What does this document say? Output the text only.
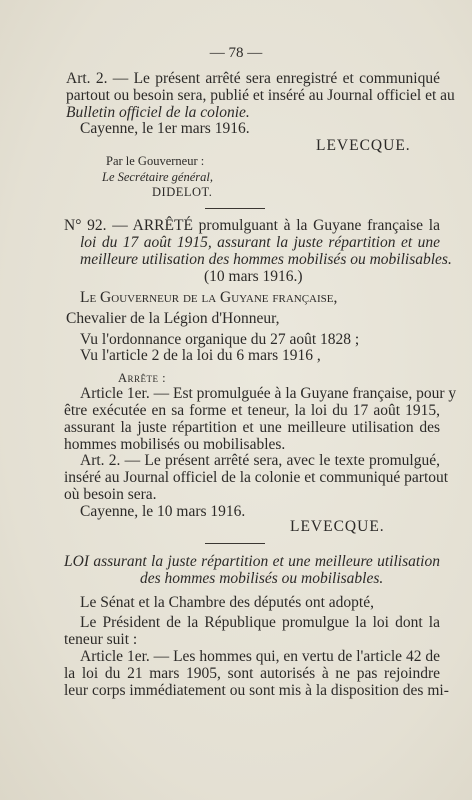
— 78 —
Art. 2. — Le présent arrêté sera enregistré et communiqué
partout ou besoin sera, publié et inséré au Journal officiel et au
Bulletin officiel de la colonie.
Cayenne, le 1er mars 1916.
LEVECQUE.
Par le Gouverneur :
Le Secrétaire général,
DIDELOT.
N° 92. — ARRÊTÉ promulguant à la Guyane française la
loi du 17 août 1915, assurant la juste répartition et une
meilleure utilisation des hommes mobilisés ou mobilisables.
(10 mars 1916.)
Le Gouverneur de la Guyane française,
Chevalier de la Légion d'Honneur,
Vu l'ordonnance organique du 27 août 1828 ;
Vu l'article 2 de la loi du 6 mars 1916 ,
Arrête :
Article 1er. — Est promulguée à la Guyane française, pour y
être exécutée en sa forme et teneur, la loi du 17 août 1915,
assurant la juste répartition et une meilleure utilisation des
hommes mobilisés ou mobilisables.
Art. 2. — Le présent arrêté sera, avec le texte promulgué,
inséré au Journal officiel de la colonie et communiqué partout
où besoin sera.
Cayenne, le 10 mars 1916.
LEVECQUE.
LOI assurant la juste répartition et une meilleure utilisation
des hommes mobilisés ou mobilisables.
Le Sénat et la Chambre des députés ont adopté,
Le Président de la République promulgue la loi dont la
teneur suit :
Article 1er. — Les hommes qui, en vertu de l'article 42 de
la loi du 21 mars 1905, sont autorisés à ne pas rejoindre
leur corps immédiatement ou sont mis à la disposition des mi-
